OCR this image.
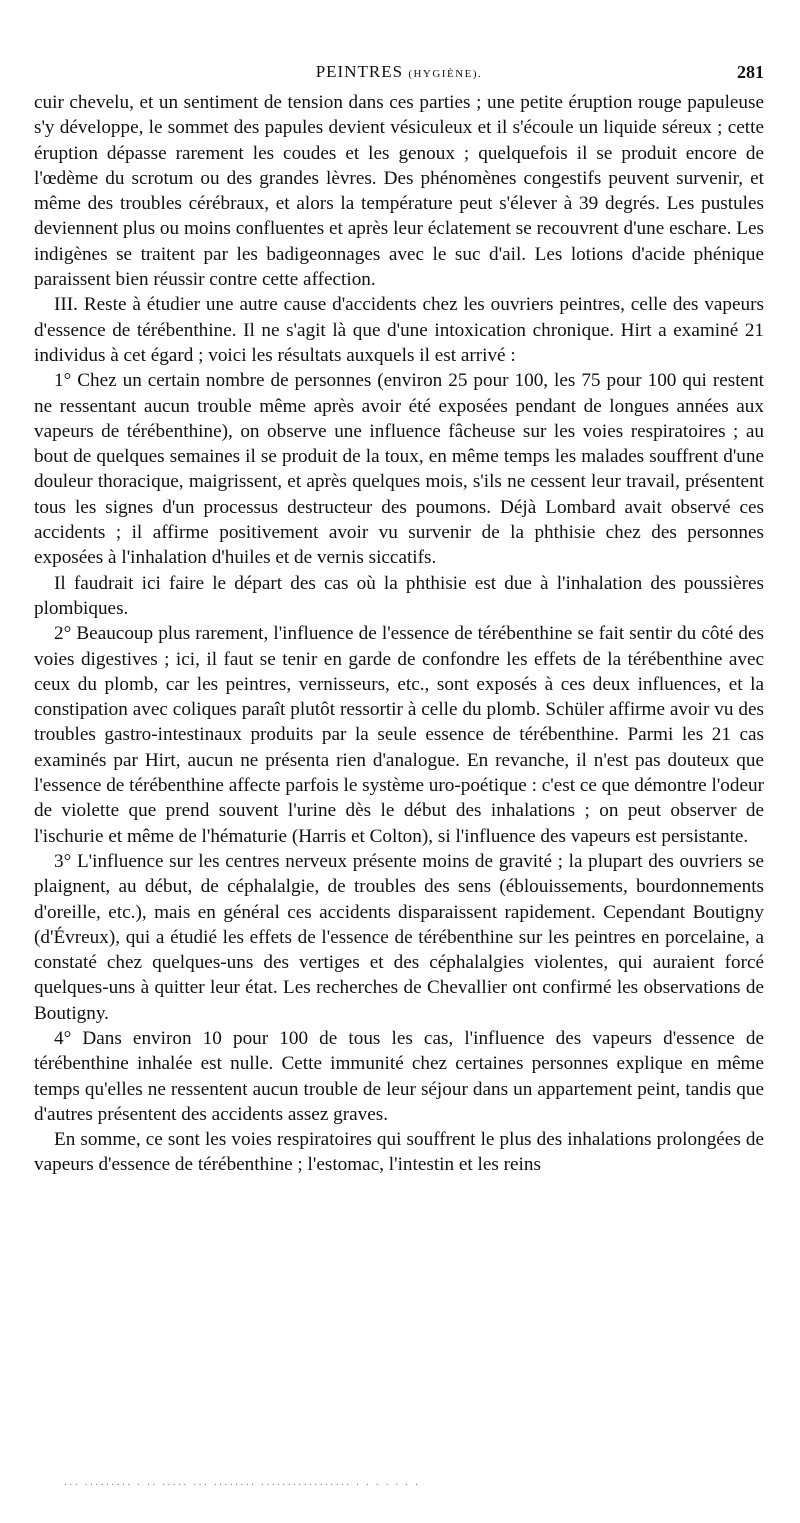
PEINTRES (HYGIÈNE).	281

cuir chevelu, et un sentiment de tension dans ces parties ; une petite éruption rouge papuleuse s'y développe, le sommet des papules devient vésiculeux et il s'écoule un liquide séreux ; cette éruption dépasse rarement les coudes et les genoux ; quelquefois il se produit encore de l'œdème du scrotum ou des grandes lèvres. Des phénomènes congestifs peuvent survenir, et même des troubles cérébraux, et alors la température peut s'élever à 39 degrés. Les pustules deviennent plus ou moins confluentes et après leur éclatement se recouvrent d'une eschare. Les indigènes se traitent par les badigeonnages avec le suc d'ail. Les lotions d'acide phénique paraissent bien réussir contre cette affection.

III. Reste à étudier une autre cause d'accidents chez les ouvriers peintres, celle des vapeurs d'essence de térébenthine. Il ne s'agit là que d'une intoxication chronique. Hirt a examiné 21 individus à cet égard ; voici les résultats auxquels il est arrivé :

1° Chez un certain nombre de personnes (environ 25 pour 100, les 75 pour 100 qui restent ne ressentant aucun trouble même après avoir été exposées pendant de longues années aux vapeurs de térébenthine), on observe une influence fâcheuse sur les voies respiratoires ; au bout de quelques semaines il se produit de la toux, en même temps les malades souffrent d'une douleur thoracique, maigrissent, et après quelques mois, s'ils ne cessent leur travail, présentent tous les signes d'un processus destructeur des poumons. Déjà Lombard avait observé ces accidents ; il affirme positivement avoir vu survenir de la phthisie chez des personnes exposées à l'inhalation d'huiles et de vernis siccatifs.

Il faudrait ici faire le départ des cas où la phthisie est due à l'inhalation des poussières plombiques.

2° Beaucoup plus rarement, l'influence de l'essence de térébenthine se fait sentir du côté des voies digestives ; ici, il faut se tenir en garde de confondre les effets de la térébenthine avec ceux du plomb, car les peintres, vernisseurs, etc., sont exposés à ces deux influences, et la constipation avec coliques paraît plutôt ressortir à celle du plomb. Schüler affirme avoir vu des troubles gastro-intestinaux produits par la seule essence de térébenthine. Parmi les 21 cas examinés par Hirt, aucun ne présenta rien d'analogue. En revanche, il n'est pas douteux que l'essence de térébenthine affecte parfois le système uro-poétique : c'est ce que démontre l'odeur de violette que prend souvent l'urine dès le début des inhalations ; on peut observer de l'ischurie et même de l'hématurie (Harris et Colton), si l'influence des vapeurs est persistante.

3° L'influence sur les centres nerveux présente moins de gravité ; la plupart des ouvriers se plaignent, au début, de céphalalgie, de troubles des sens (éblouissements, bourdonnements d'oreille, etc.), mais en général ces accidents disparaissent rapidement. Cependant Boutigny (d'Évreux), qui a étudié les effets de l'essence de térébenthine sur les peintres en porcelaine, a constaté chez quelques-uns des vertiges et des céphalalgies violentes, qui auraient forcé quelques-uns à quitter leur état. Les recherches de Chevallier ont confirmé les observations de Boutigny.

4° Dans environ 10 pour 100 de tous les cas, l'influence des vapeurs d'essence de térébenthine inhalée est nulle. Cette immunité chez certaines personnes explique en même temps qu'elles ne ressentent aucun trouble de leur séjour dans un appartement peint, tandis que d'autres présentent des accidents assez graves.

En somme, ce sont les voies respiratoires qui souffrent le plus des inhalations prolongées de vapeurs d'essence de térébenthine ; l'estomac, l'intestin et les reins

··· ········· · ·· ····· ··· ········ ················· · · · · · · ·
